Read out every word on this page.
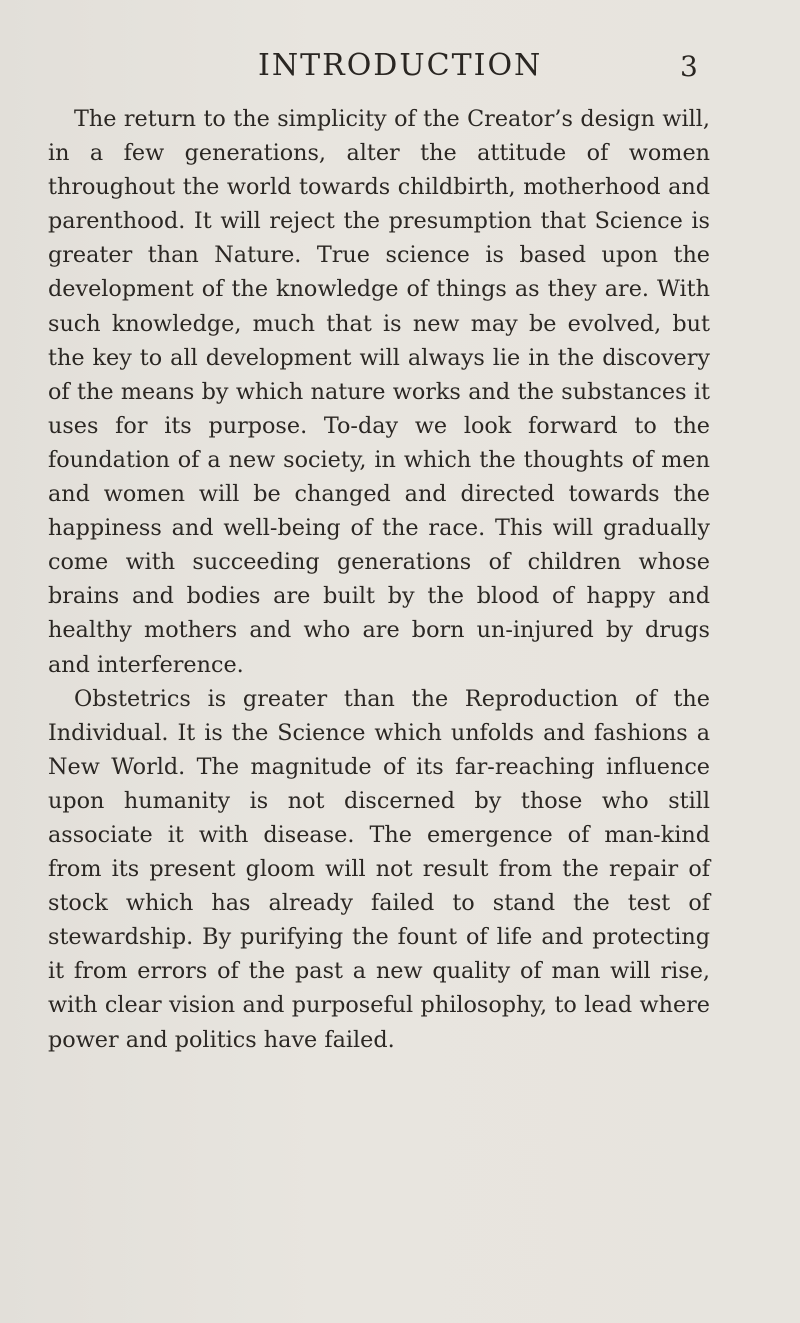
INTRODUCTION	3

The return to the simplicity of the Creator’s design will, in a few generations, alter the attitude of women throughout the world towards childbirth, motherhood and parenthood. It will reject the presumption that Science is greater than Nature. True science is based upon the development of the knowledge of things as they are. With such knowledge, much that is new may be evolved, but the key to all development will always lie in the discovery of the means by which nature works and the substances it uses for its purpose. To-day we look forward to the foundation of a new society, in which the thoughts of men and women will be changed and directed towards the happiness and well-being of the race. This will gradually come with succeeding generations of children whose brains and bodies are built by the blood of happy and healthy mothers and who are born un-injured by drugs and interference.

Obstetrics is greater than the Reproduction of the Individual. It is the Science which unfolds and fashions a New World. The magnitude of its far-reaching influence upon humanity is not discerned by those who still associate it with disease. The emergence of man-kind from its present gloom will not result from the repair of stock which has already failed to stand the test of stewardship. By purifying the fount of life and protecting it from errors of the past a new quality of man will rise, with clear vision and purposeful philosophy, to lead where power and politics have failed.
